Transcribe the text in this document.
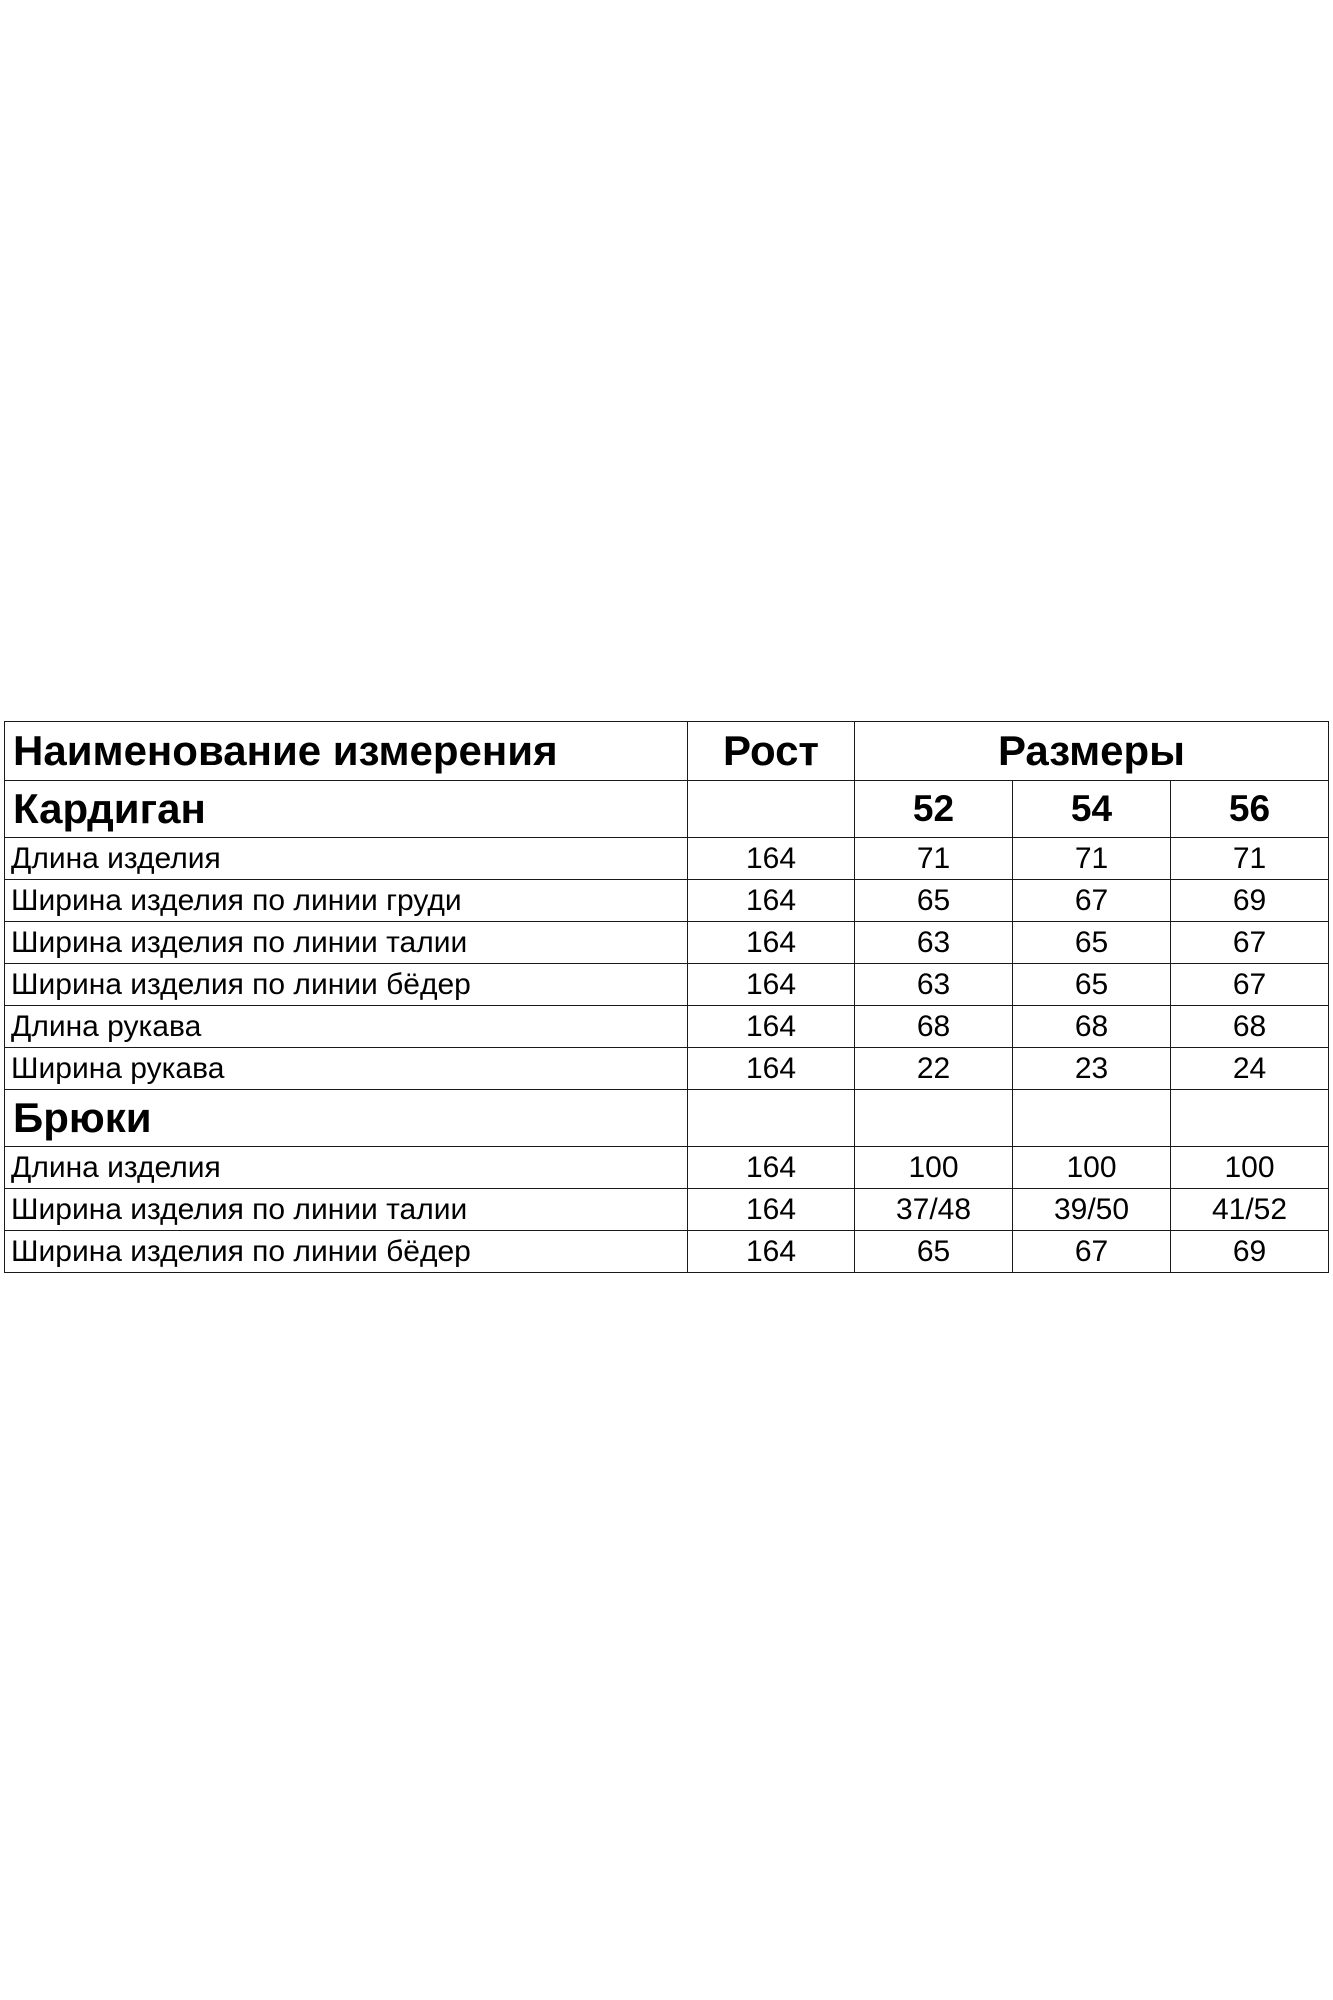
Наименование измерения	Рост	Размеры		
Кардиган		52	54	56
Длина изделия	164	71	71	71
Ширина изделия по линии груди	164	65	67	69
Ширина изделия по линии талии	164	63	65	67
Ширина изделия по линии бёдер	164	63	65	67
Длина рукава	164	68	68	68
Ширина рукава	164	22	23	24
Брюки				
Длина изделия	164	100	100	100
Ширина изделия по линии талии	164	37/48	39/50	41/52
Ширина изделия по линии бёдер	164	65	67	69
